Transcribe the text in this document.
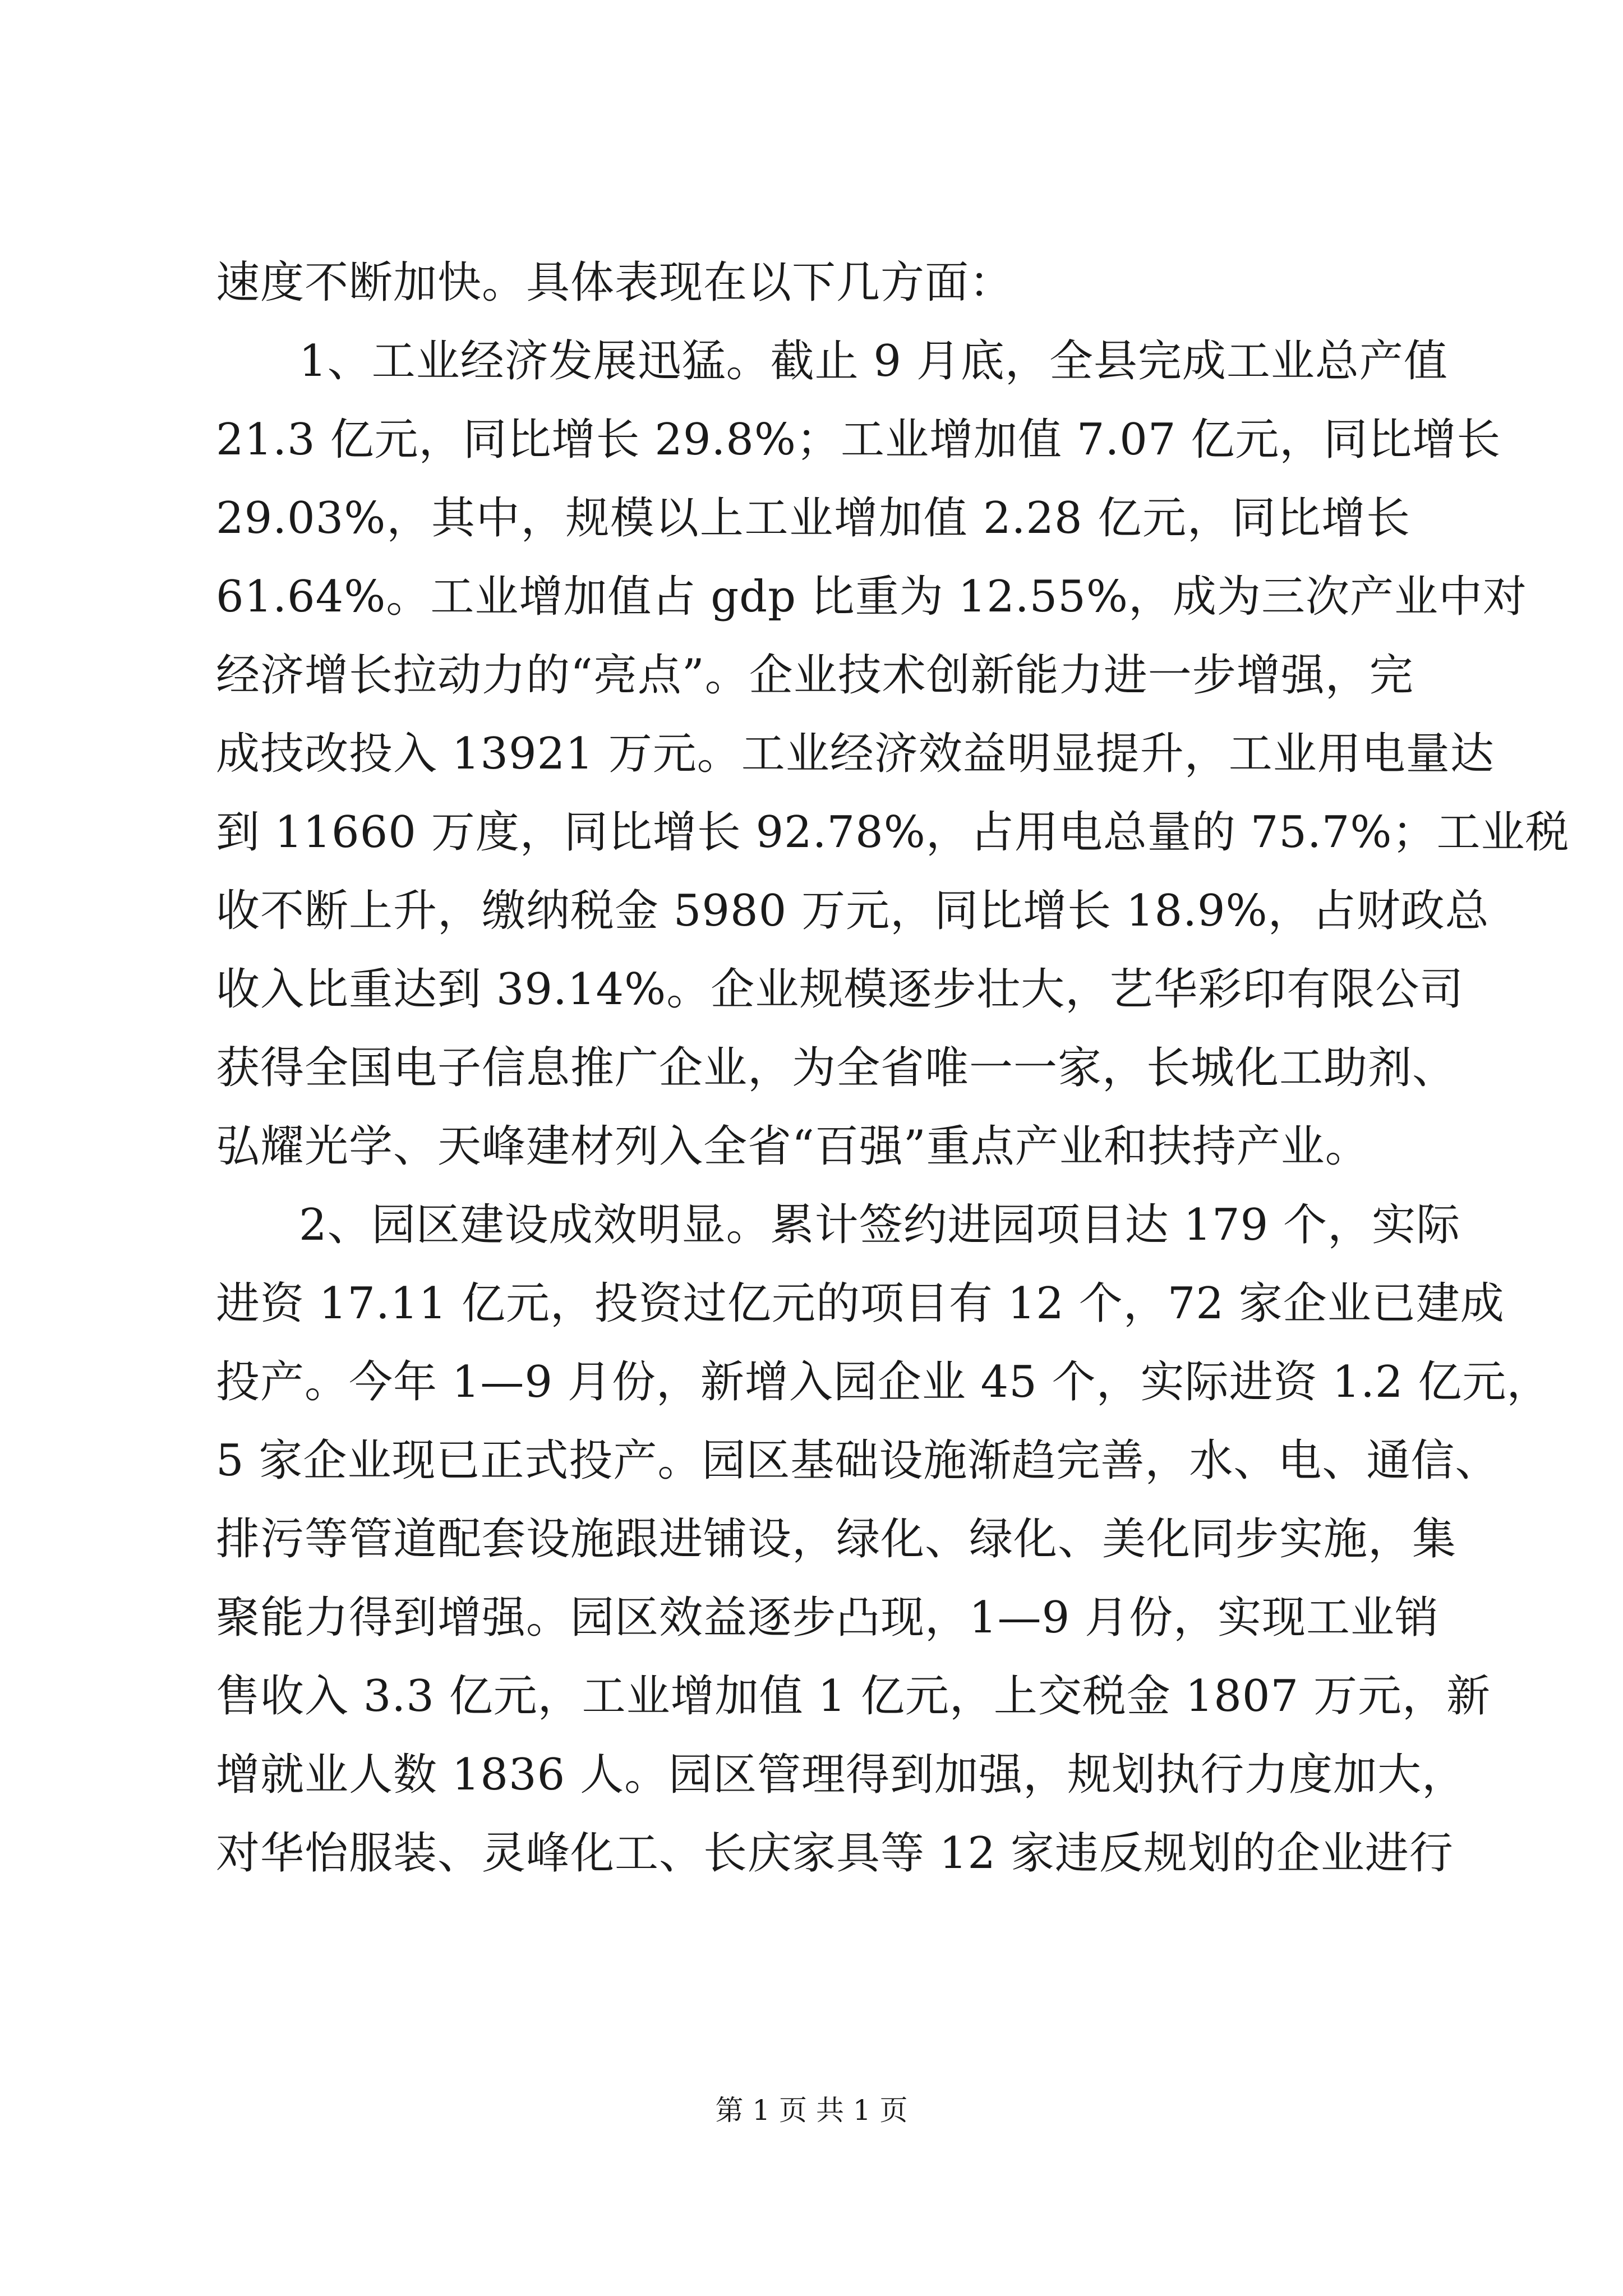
速度不断加快。具体表现在以下几方面：
1、工业经济发展迅猛。截止 9 月底，全县完成工业总产值
21.3 亿元，同比增长 29.8%；工业增加值 7.07 亿元，同比增长
29.03%，其中，规模以上工业增加值 2.28 亿元，同比增长
61.64%。工业增加值占 gdp 比重为 12.55%，成为三次产业中对
经济增长拉动力的“亮点”。企业技术创新能力进一步增强，完
成技改投入 13921 万元。工业经济效益明显提升，工业用电量达
到 11660 万度，同比增长 92.78%，占用电总量的 75.7%；工业税
收不断上升，缴纳税金 5980 万元，同比增长 18.9%，占财政总
收入比重达到 39.14%。企业规模逐步壮大，艺华彩印有限公司
获得全国电子信息推广企业，为全省唯一一家，长城化工助剂、
弘耀光学、天峰建材列入全省“百强”重点产业和扶持产业。
2、园区建设成效明显。累计签约进园项目达 179 个，实际
进资 17.11 亿元，投资过亿元的项目有 12 个，72 家企业已建成
投产。今年 1—9 月份，新增入园企业 45 个，实际进资 1.2 亿元，
5 家企业现已正式投产。园区基础设施渐趋完善，水、电、通信、
排污等管道配套设施跟进铺设，绿化、绿化、美化同步实施，集
聚能力得到增强。园区效益逐步凸现，1—9 月份，实现工业销
售收入 3.3 亿元，工业增加值 1 亿元，上交税金 1807 万元，新
增就业人数 1836 人。园区管理得到加强，规划执行力度加大，
对华怡服装、灵峰化工、长庆家具等 12 家违反规划的企业进行
第 1 页 共 1 页
